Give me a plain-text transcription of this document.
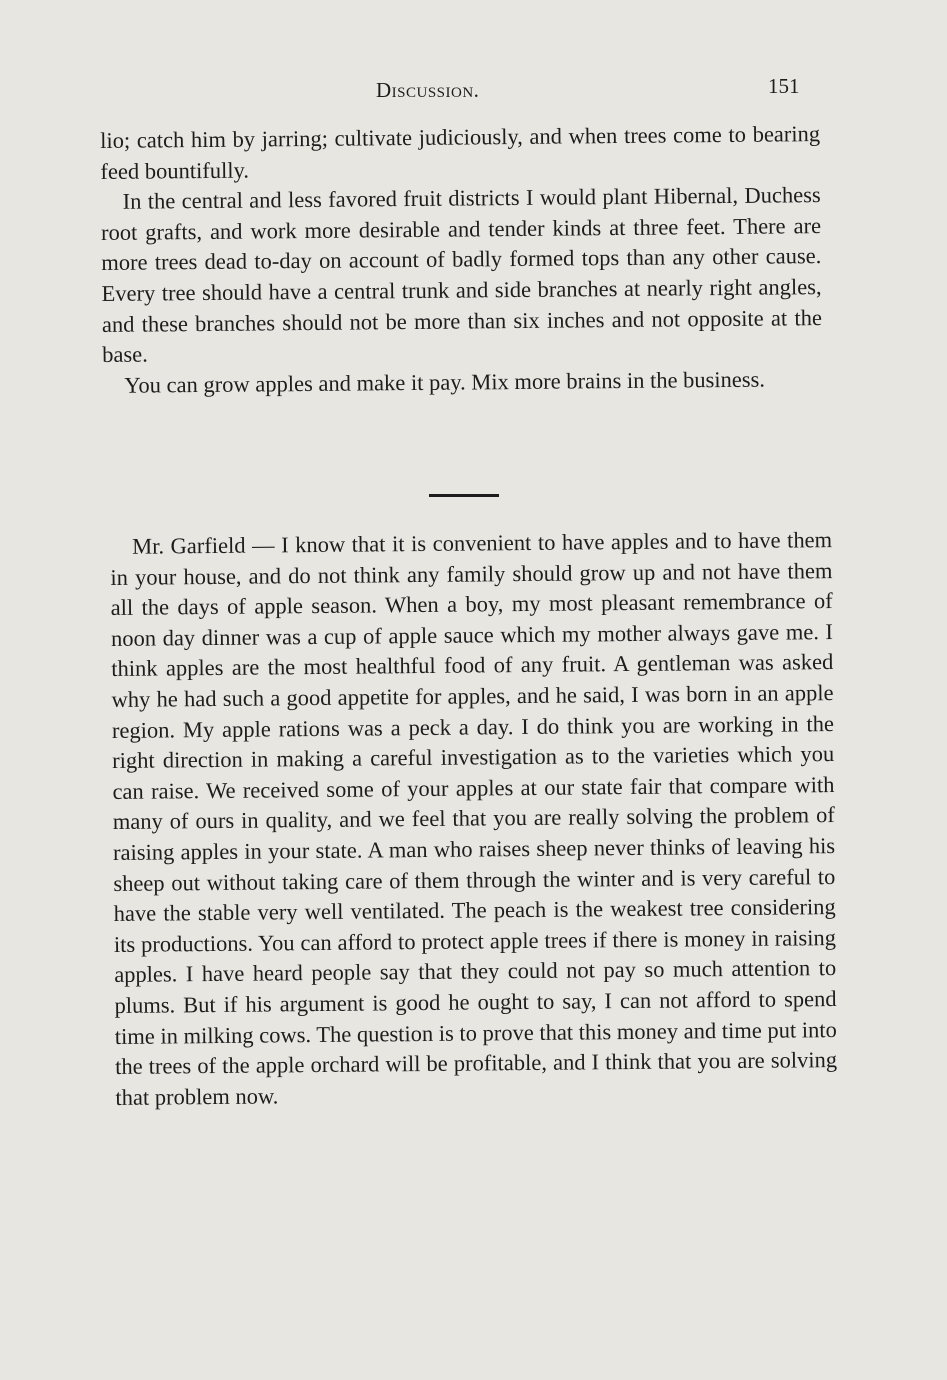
Discussion.	151

lio; catch him by jarring; cultivate judiciously, and when trees come to bearing feed bountifully.

In the central and less favored fruit districts I would plant Hibernal, Duchess root grafts, and work more desirable and tender kinds at three feet. There are more trees dead to-day on account of badly formed tops than any other cause. Every tree should have a central trunk and side branches at nearly right angles, and these branches should not be more than six inches and not opposite at the base.

You can grow apples and make it pay. Mix more brains in the business.

Mr. Garfield — I know that it is convenient to have apples and to have them in your house, and do not think any family should grow up and not have them all the days of apple season. When a boy, my most pleasant remembrance of noon day dinner was a cup of apple sauce which my mother always gave me. I think apples are the most healthful food of any fruit. A gentleman was asked why he had such a good appetite for apples, and he said, I was born in an apple region. My apple rations was a peck a day. I do think you are working in the right direction in making a careful investigation as to the varieties which you can raise. We received some of your apples at our state fair that compare with many of ours in quality, and we feel that you are really solving the problem of raising apples in your state. A man who raises sheep never thinks of leaving his sheep out without taking care of them through the winter and is very careful to have the stable very well ventilated. The peach is the weakest tree considering its productions. You can afford to protect apple trees if there is money in raising apples. I have heard people say that they could not pay so much attention to plums. But if his argument is good he ought to say, I can not afford to spend time in milking cows. The question is to prove that this money and time put into the trees of the apple orchard will be profitable, and I think that you are solving that problem now.
